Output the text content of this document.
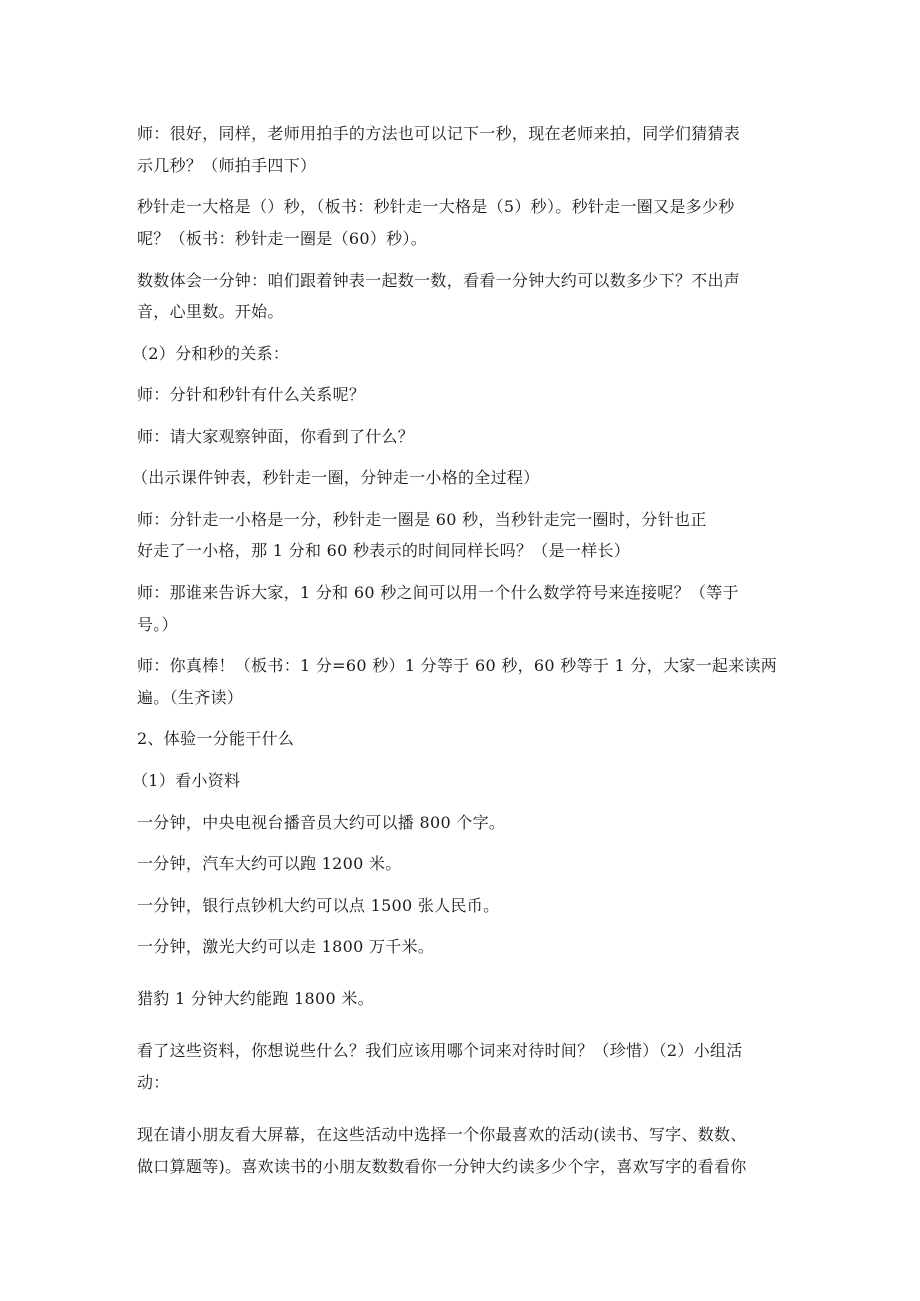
师：很好，同样，老师用拍手的方法也可以记下一秒，现在老师来拍，同学们猜猜表
示几秒？（师拍手四下）
秒针走一大格是（）秒，（板书：秒针走一大格是（5）秒）。秒针走一圈又是多少秒
呢？（板书：秒针走一圈是（60）秒）。
数数体会一分钟：咱们跟着钟表一起数一数，看看一分钟大约可以数多少下？不出声
音，心里数。开始。
（2）分和秒的关系：
师：分针和秒针有什么关系呢？
师：请大家观察钟面，你看到了什么？
（出示课件钟表，秒针走一圈，分钟走一小格的全过程）
师：分针走一小格是一分，秒针走一圈是 60 秒，当秒针走完一圈时，分针也正
好走了一小格，那 1 分和 60 秒表示的时间同样长吗？（是一样长）
师：那谁来告诉大家，1 分和 60 秒之间可以用一个什么数学符号来连接呢？（等于
号。）
师：你真棒！（板书：1 分=60 秒）1 分等于 60 秒，60 秒等于 1 分，大家一起来读两
遍。（生齐读）
2、体验一分能干什么
（1）看小资料
一分钟，中央电视台播音员大约可以播 800 个字。
一分钟，汽车大约可以跑 1200 米。
一分钟，银行点钞机大约可以点 1500 张人民币。
一分钟，激光大约可以走 1800 万千米。
猎豹 1 分钟大约能跑 1800 米。
看了这些资料，你想说些什么？我们应该用哪个词来对待时间？（珍惜）（2）小组活
动：
现在请小朋友看大屏幕，在这些活动中选择一个你最喜欢的活动(读书、写字、数数、
做口算题等)。喜欢读书的小朋友数数看你一分钟大约读多少个字，喜欢写字的看看你
